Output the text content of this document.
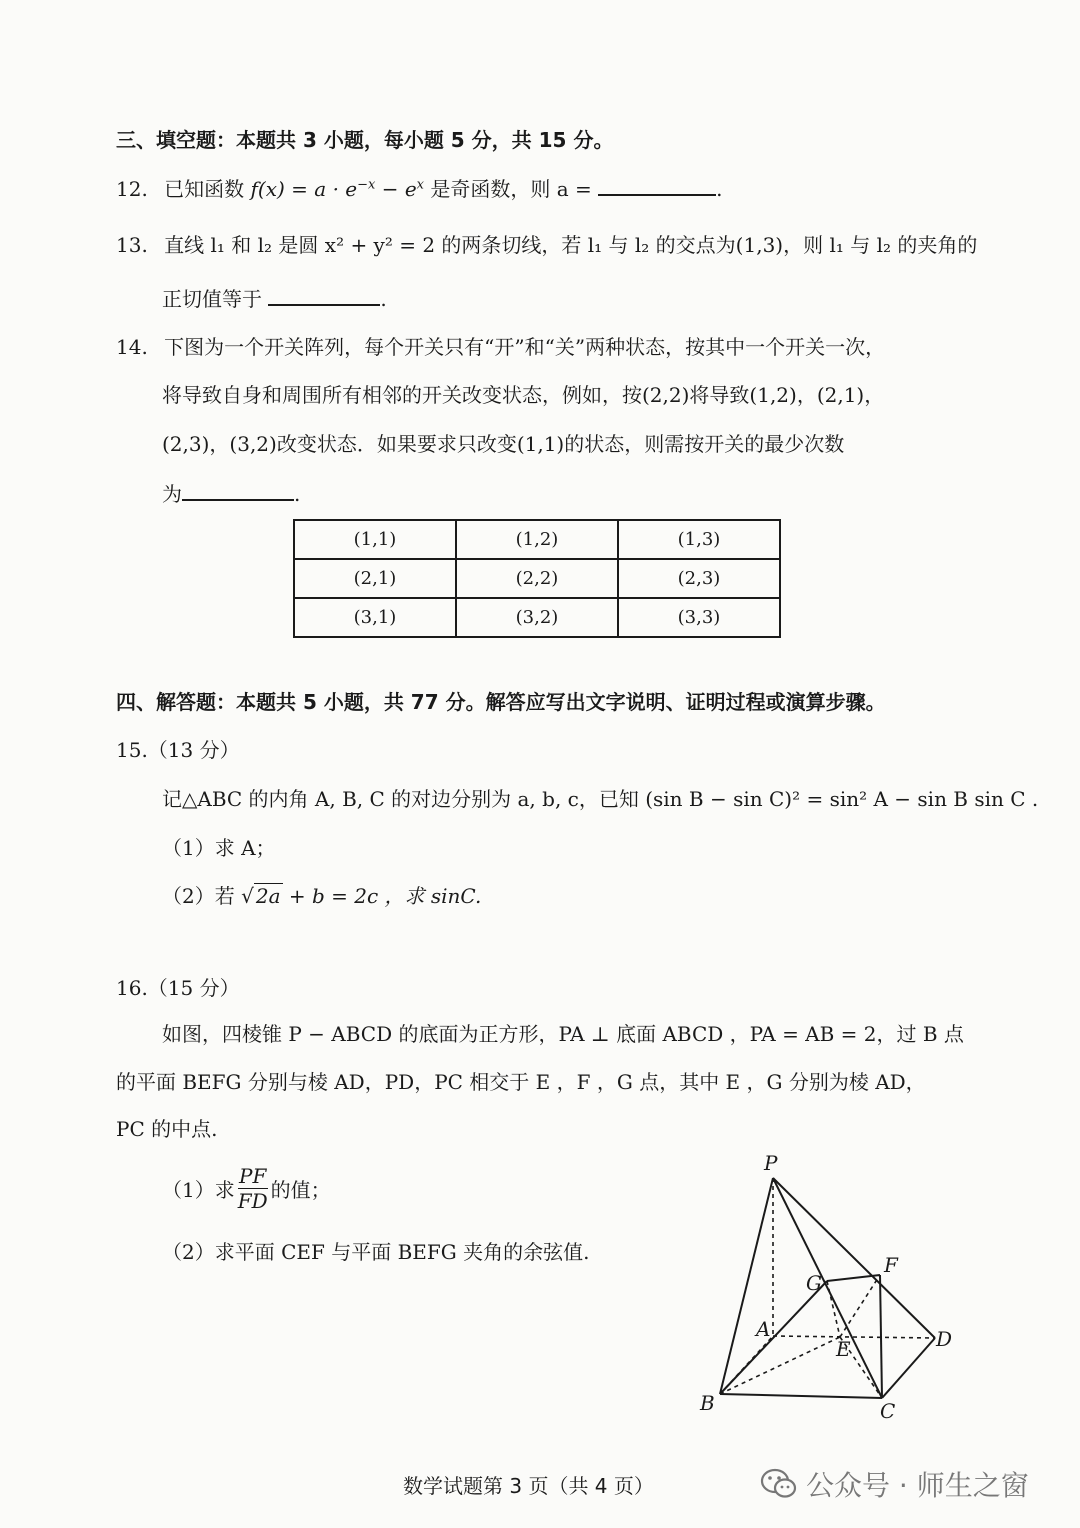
三、填空题：本题共 3 小题，每小题 5 分，共 15 分。
12. 已知函数 $f(x) = a \cdot e^{-x} - e^x$ 是奇函数，则 a =	.
13. 直线 l₁ 和 l₂ 是圆 x² + y² = 2 的两条切线，若 l₁ 与 l₂ 的交点为(1,3)，则 l₁ 与 l₂ 的夹角的
正切值等于	.
14. 下图为一个开关阵列，每个开关只有“开”和“关”两种状态，按其中一个开关一次，
将导致自身和周围所有相邻的开关改变状态，例如，按(2,2)将导致(1,2)，(2,1)，
(2,3)，(3,2)改变状态．如果要求只改变(1,1)的状态，则需按开关的最少次数
为	.
(1,1)	(1,2)	(1,3)
(2,1)	(2,2)	(2,3)
(3,1)	(3,2)	(3,3)
四、解答题：本题共 5 小题，共 77 分。解答应写出文字说明、证明过程或演算步骤。
15.（13 分）
记△ABC 的内角 A, B, C 的对边分别为 a, b, c，已知 (sin B − sin C)² = sin² A − sin B sin C .
（1）求 A；
（2）若 √ 2a + b = 2c ，求 sinC.
16.（15 分）
如图，四棱锥 P − ABCD 的底面为正方形，PA ⊥ 底面 ABCD ，PA = AB = 2，过 B 点
的平面 BEFG 分别与棱 AD，PD，PC 相交于 E ，F ，G 点，其中 E ，G 分别为棱 AD，
PC 的中点.
（1）求 $\frac{PF}{FD}$ 的值；
（2）求平面 CEF 与平面 BEFG 夹角的余弦值.
P
A
B	C
D
E
F
G
数学试题第 3 页（共 4 页）	公众号 · 师生之窗
